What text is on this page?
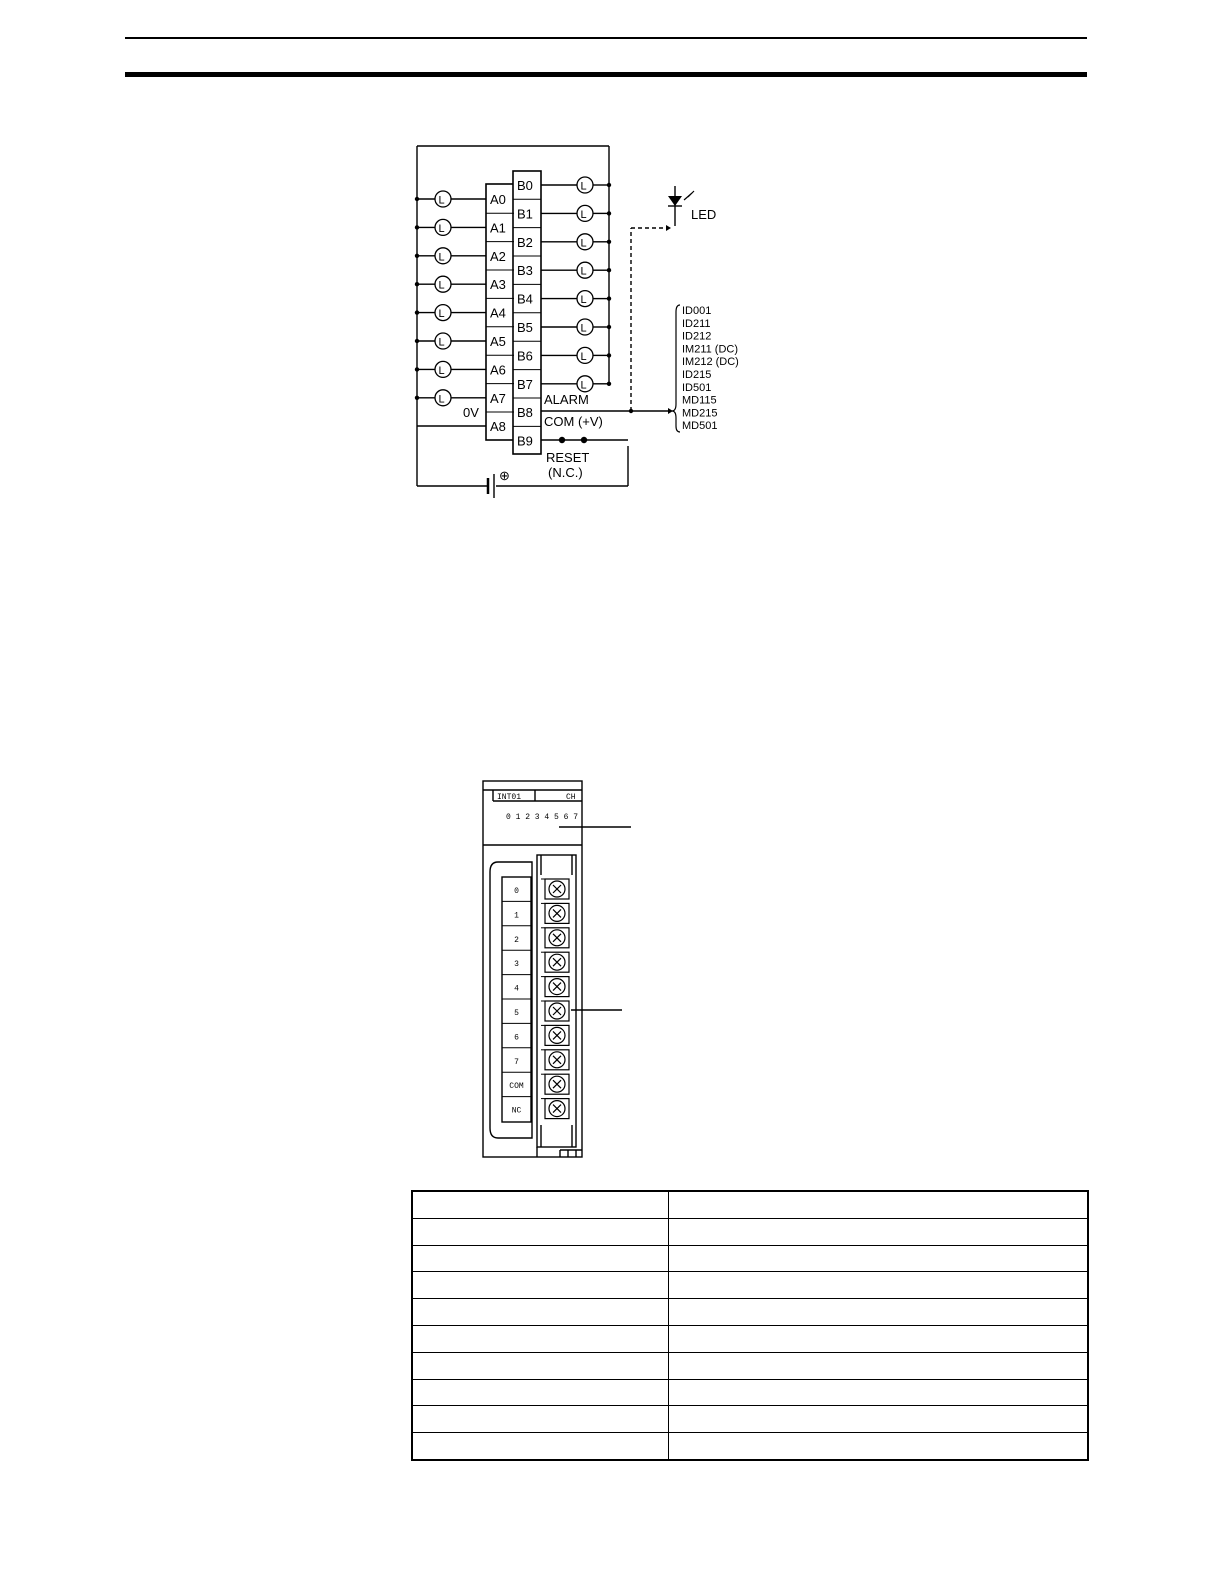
L	A0
L	A1
L	A2
L	A3
L	A4
L	A5
L	A6
L	A7
A8
L
B0
L
B1
L
B2
L
B3
L
B4
L
B5
L
B6
L
B7
B8
B9
LED
0V
ALARM
COM (+V)
RESET
(N.C.)
⊕
ID001
ID211
ID212
IM211 (DC)
IM212 (DC)
ID215
ID501
MD115
MD215
MD501
INT01	CH
0 1 2 3 4 5 6 7
0
1
2
3
4
5
6
7
COM
NC
